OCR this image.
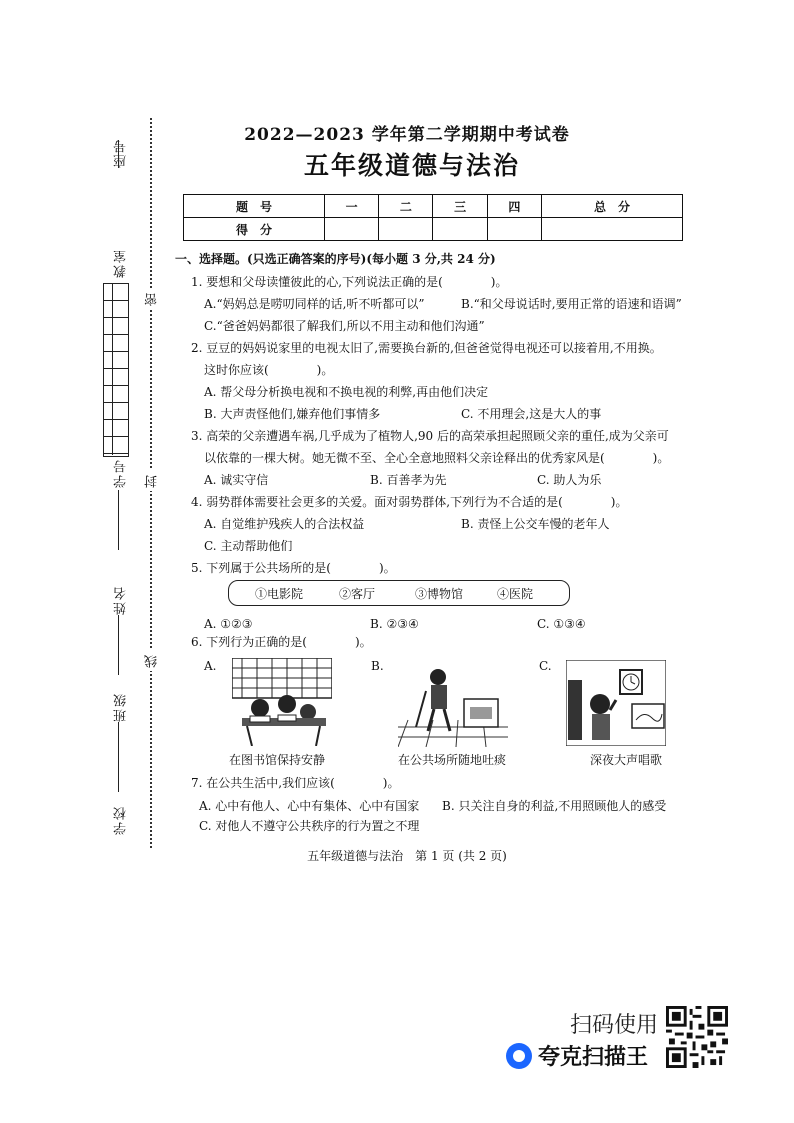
座号
教室
学号
姓名
班级
学校
密
封
线
2022—2023 学年第二学期期中考试卷
五年级道德与法治
题　号	一	二	三	四	总　分
得　分					
一、选择题。(只选正确答案的序号)(每小题 3 分,共 24 分)
1. 要想和父母读懂彼此的心,下列说法正确的是(　　　　)。
A.“妈妈总是唠叨同样的话,听不听都可以”	B.“和父母说话时,要用正常的语速和语调”
C.“爸爸妈妈都很了解我们,所以不用主动和他们沟通”
2. 豆豆的妈妈说家里的电视太旧了,需要换台新的,但爸爸觉得电视还可以接着用,不用换。
这时你应该(　　　　)。
A. 帮父母分析换电视和不换电视的利弊,再由他们决定
B. 大声责怪他们,嫌弃他们事情多	C. 不用理会,这是大人的事
3. 高荣的父亲遭遇车祸,几乎成为了植物人,90 后的高荣承担起照顾父亲的重任,成为父亲可
以依靠的一棵大树。她无微不至、全心全意地照料父亲诠释出的优秀家风是(　　　　)。
A. 诚实守信	B. 百善孝为先	C. 助人为乐
4. 弱势群体需要社会更多的关爱。面对弱势群体,下列行为不合适的是(　　　　)。
A. 自觉维护残疾人的合法权益	B. 责怪上公交车慢的老年人
C. 主动帮助他们
5. 下列属于公共场所的是(　　　　)。
①电影院	②客厅	③博物馆	④医院
A. ①②③	B. ②③④	C. ①③④
6. 下列行为正确的是(　　　　)。
A.	B.	C.
在图书馆保持安静	在公共场所随地吐痰	深夜大声唱歌
7. 在公共生活中,我们应该(　　　　)。
A. 心中有他人、心中有集体、心中有国家 B. 只关注自身的利益,不用照顾他人的感受
C. 对他人不遵守公共秩序的行为置之不理
五年级道德与法治　第 1 页 (共 2 页)
扫码使用
夸克扫描王
